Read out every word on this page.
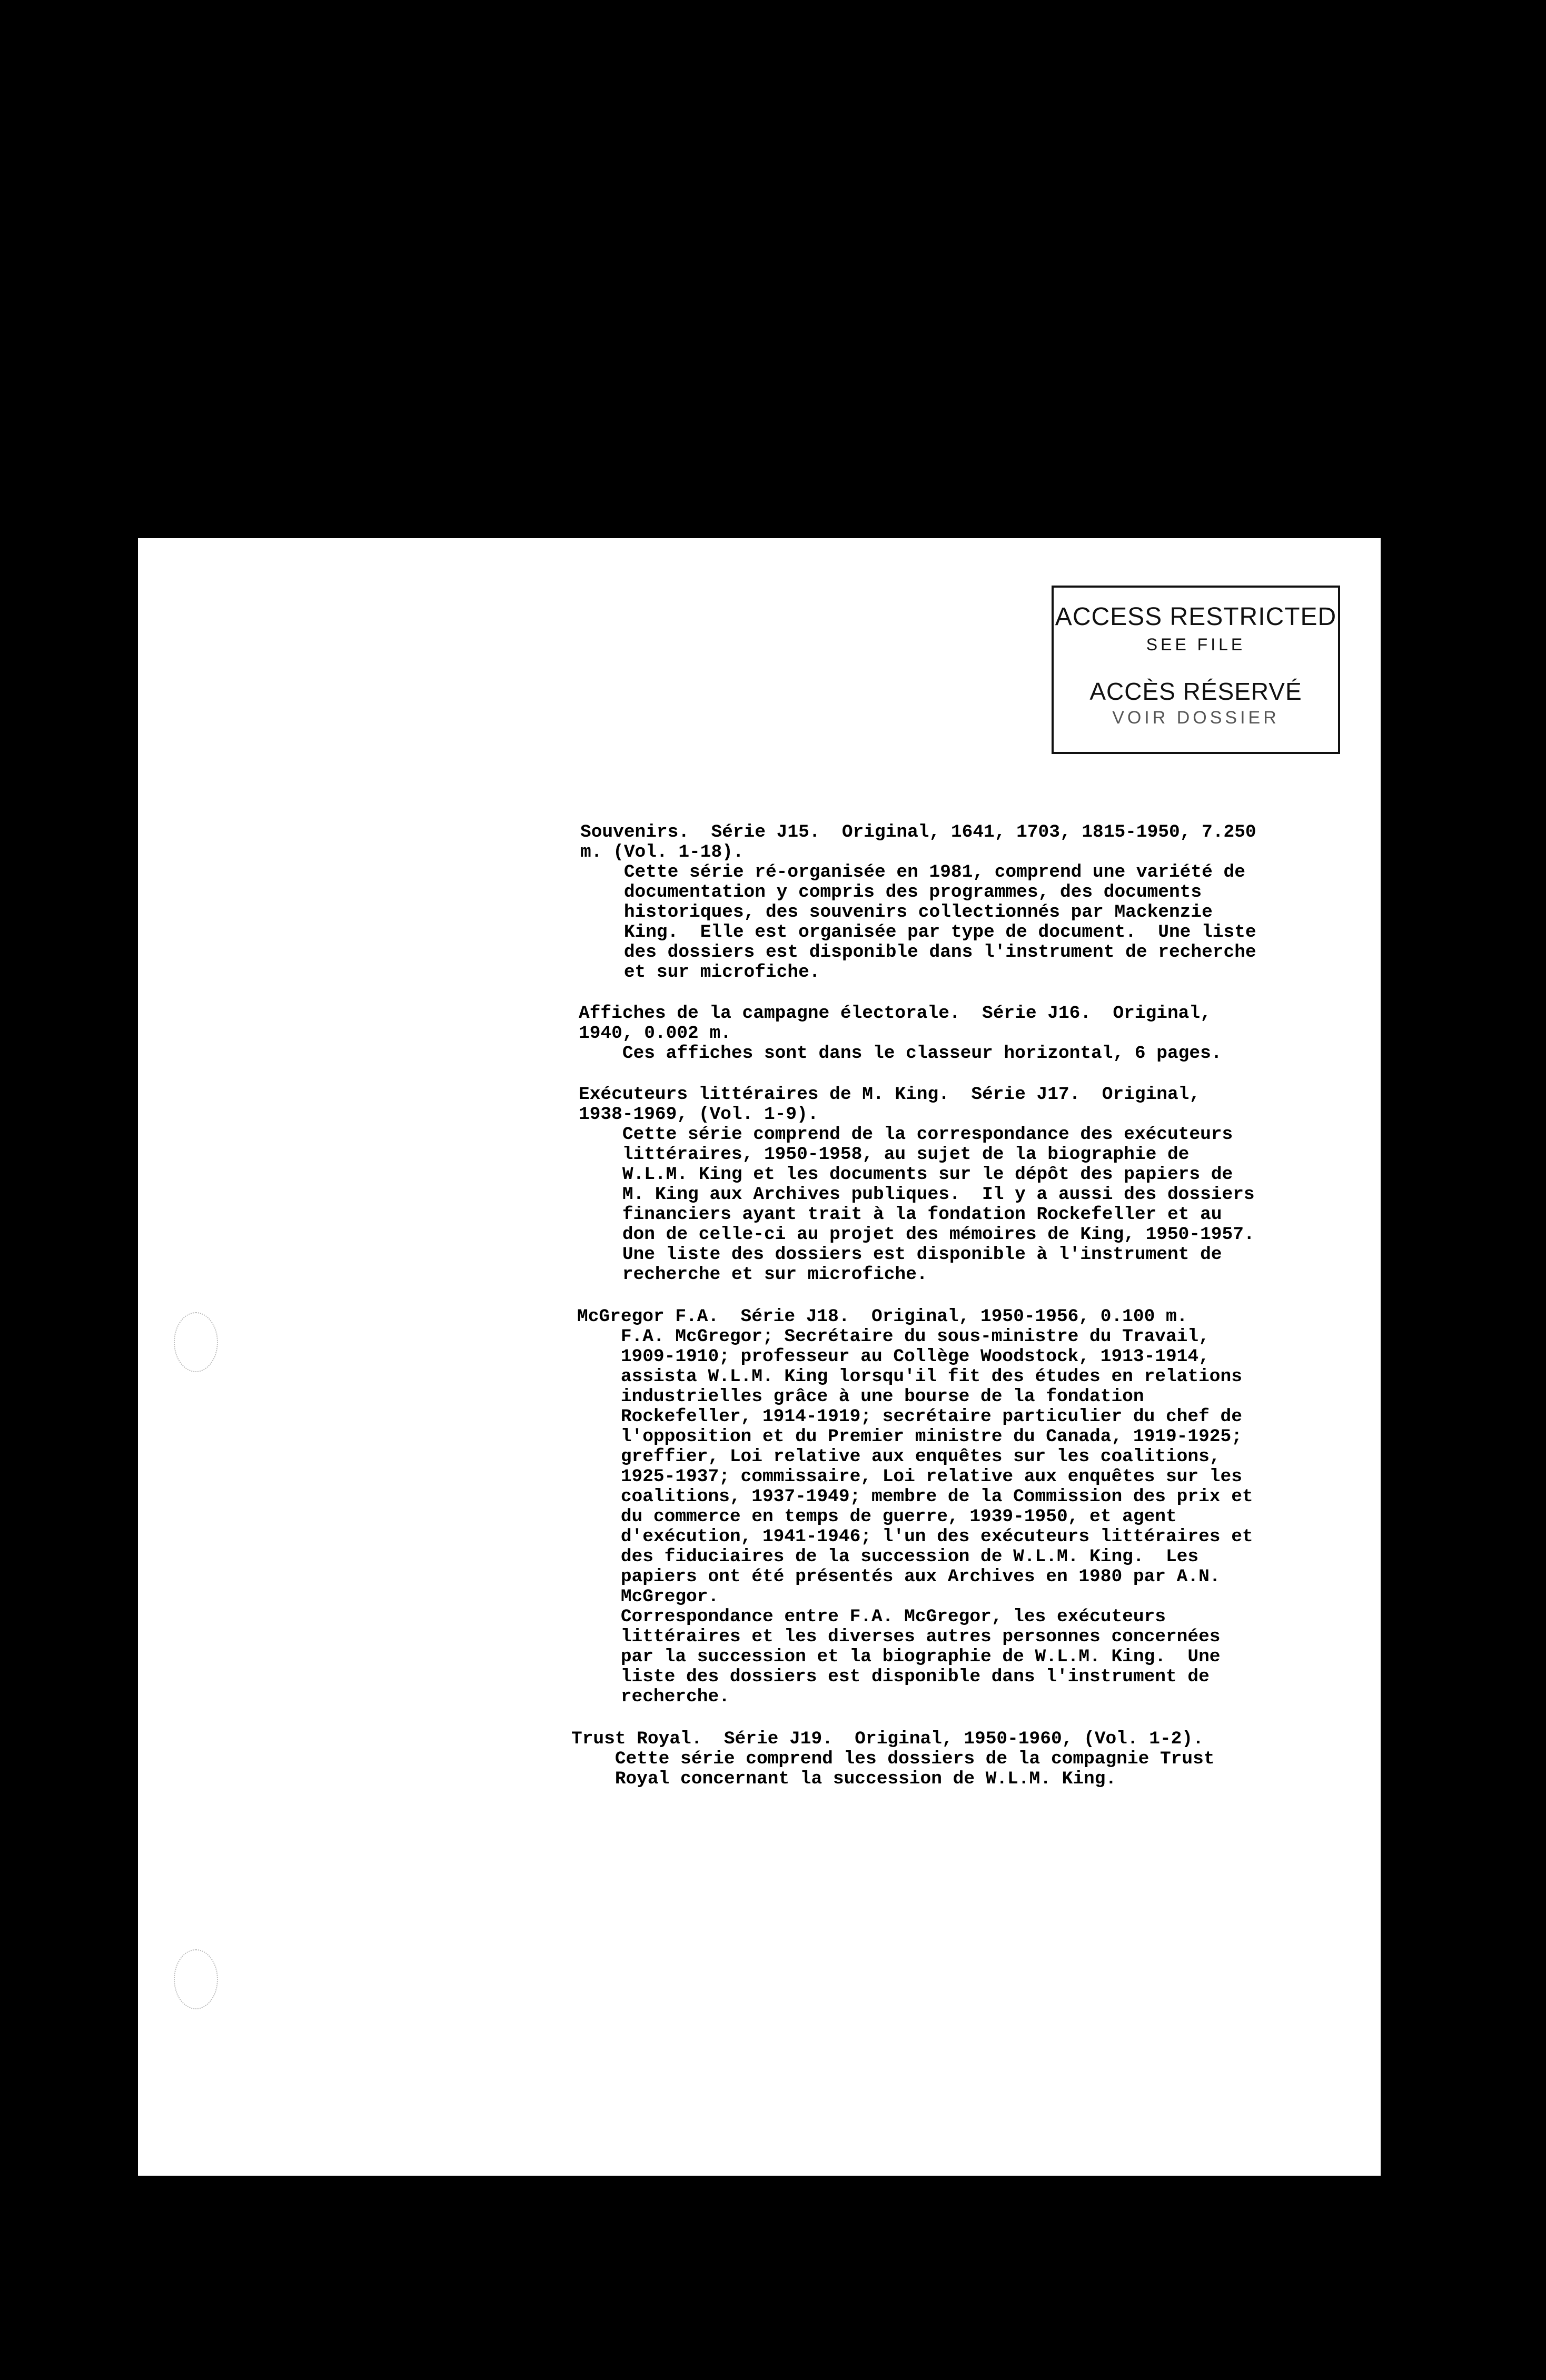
ACCESS RESTRICTED
SEE FILE
ACCÈS RÉSERVÉ
VOIR DOSSIER
Souvenirs.  Série J15.  Original, 1641, 1703, 1815-1950, 7.250
m. (Vol. 1-18).
Cette série ré-organisée en 1981, comprend une variété de
documentation y compris des programmes, des documents
historiques, des souvenirs collectionnés par Mackenzie
King.  Elle est organisée par type de document.  Une liste
des dossiers est disponible dans l'instrument de recherche
et sur microfiche.
Affiches de la campagne électorale.  Série J16.  Original,
1940, 0.002 m.
Ces affiches sont dans le classeur horizontal, 6 pages.
Exécuteurs littéraires de M. King.  Série J17.  Original,
1938-1969, (Vol. 1-9).
Cette série comprend de la correspondance des exécuteurs
littéraires, 1950-1958, au sujet de la biographie de
W.L.M. King et les documents sur le dépôt des papiers de
M. King aux Archives publiques.  Il y a aussi des dossiers
financiers ayant trait à la fondation Rockefeller et au
don de celle-ci au projet des mémoires de King, 1950-1957.
Une liste des dossiers est disponible à l'instrument de
recherche et sur microfiche.
McGregor F.A.  Série J18.  Original, 1950-1956, 0.100 m.
F.A. McGregor; Secrétaire du sous-ministre du Travail,
1909-1910; professeur au Collège Woodstock, 1913-1914,
assista W.L.M. King lorsqu'il fit des études en relations
industrielles grâce à une bourse de la fondation
Rockefeller, 1914-1919; secrétaire particulier du chef de
l'opposition et du Premier ministre du Canada, 1919-1925;
greffier, Loi relative aux enquêtes sur les coalitions,
1925-1937; commissaire, Loi relative aux enquêtes sur les
coalitions, 1937-1949; membre de la Commission des prix et
du commerce en temps de guerre, 1939-1950, et agent
d'exécution, 1941-1946; l'un des exécuteurs littéraires et
des fiduciaires de la succession de W.L.M. King.  Les
papiers ont été présentés aux Archives en 1980 par A.N.
McGregor.
Correspondance entre F.A. McGregor, les exécuteurs
littéraires et les diverses autres personnes concernées
par la succession et la biographie de W.L.M. King.  Une
liste des dossiers est disponible dans l'instrument de
recherche.
Trust Royal.  Série J19.  Original, 1950-1960, (Vol. 1-2).
Cette série comprend les dossiers de la compagnie Trust
Royal concernant la succession de W.L.M. King.
